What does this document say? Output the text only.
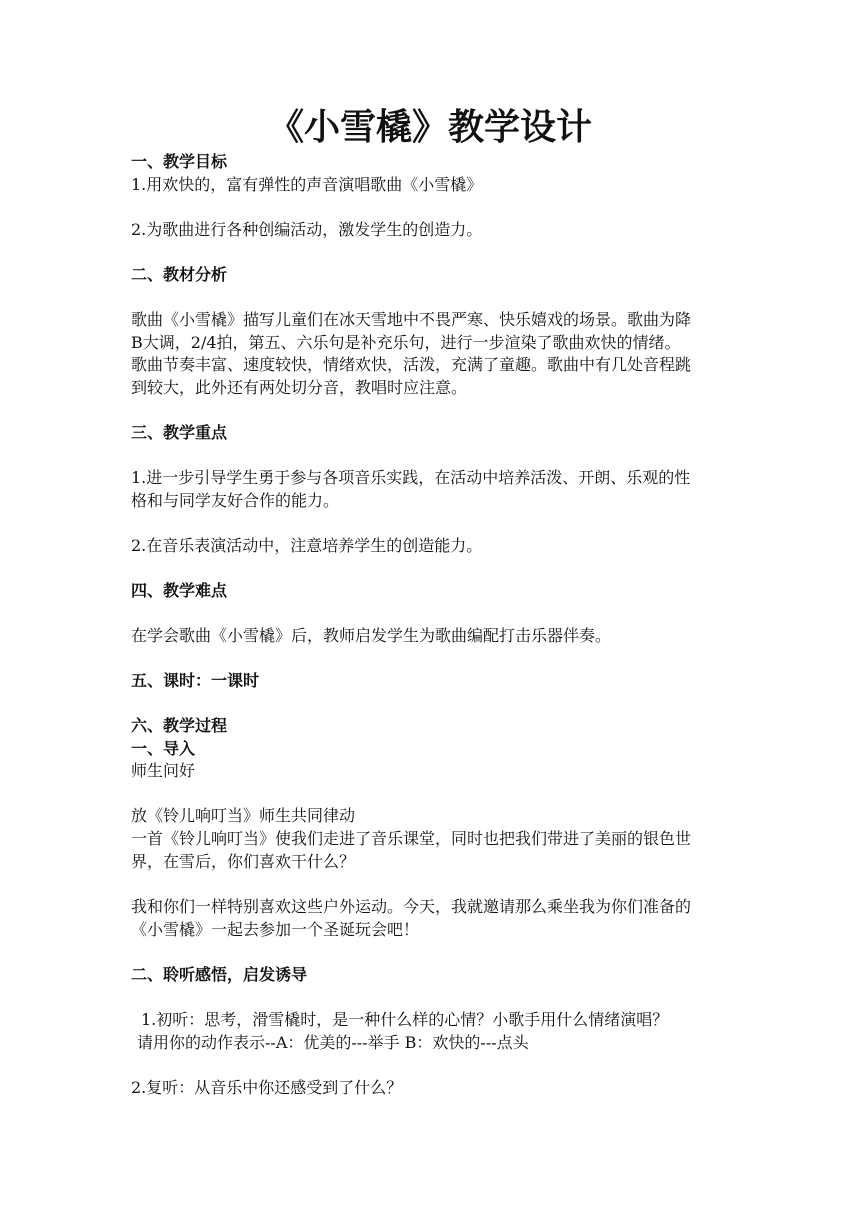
《小雪橇》教学设计
一、教学目标
1.用欢快的，富有弹性的声音演唱歌曲《小雪橇》
2.为歌曲进行各种创编活动，激发学生的创造力。
二、教材分析
歌曲《小雪橇》描写儿童们在冰天雪地中不畏严寒、快乐嬉戏的场景。歌曲为降
B大调，2/4拍，第五、六乐句是补充乐句，进行一步渲染了歌曲欢快的情绪。
歌曲节奏丰富、速度较快，情绪欢快，活泼，充满了童趣。歌曲中有几处音程跳
到较大，此外还有两处切分音，教唱时应注意。
三、教学重点
1.进一步引导学生勇于参与各项音乐实践，在活动中培养活泼、开朗、乐观的性
格和与同学友好合作的能力。
2.在音乐表演活动中，注意培养学生的创造能力。
四、教学难点
在学会歌曲《小雪橇》后，教师启发学生为歌曲编配打击乐器伴奏。
五、课时：一课时
六、教学过程
一、导入
师生问好
放《铃儿响叮当》师生共同律动
一首《铃儿响叮当》使我们走进了音乐课堂，同时也把我们带进了美丽的银色世
界，在雪后，你们喜欢干什么？
我和你们一样特别喜欢这些户外运动。今天，我就邀请那么乘坐我为你们准备的
《小雪橇》一起去参加一个圣诞玩会吧！
二、聆听感悟，启发诱导
1.初听：思考，滑雪橇时，是一种什么样的心情？小歌手用什么情绪演唱？
请用你的动作表示--A：优美的---举手 B：欢快的---点头
2.复听：从音乐中你还感受到了什么？
